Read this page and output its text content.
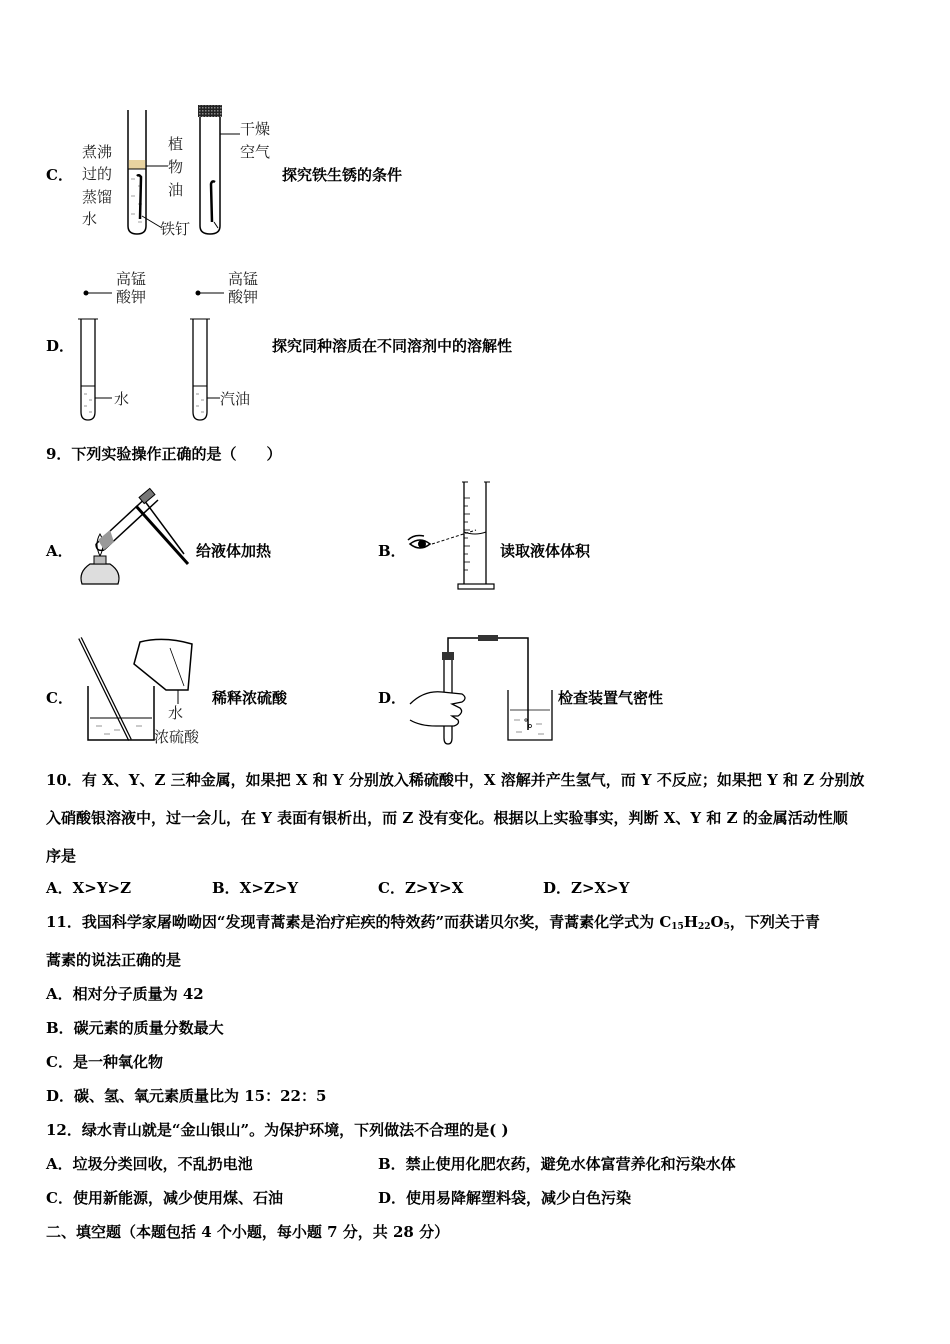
C．
煮沸
过的
蒸馏
水
植
物
油
干燥
空气
铁钉
探究铁生锈的条件
D．
高锰
酸钾
高锰
酸钾
水	汽油
探究同种溶质在不同溶剂中的溶解性
9．下列实验操作正确的是（　　）
A．	给液体加热	B．	读取液体体积
C．
水
浓硫酸
稀释浓硫酸	D．	检查装置气密性
10．有 X、Y、Z 三种金属，如果把 X 和 Y 分别放入稀硫酸中，X 溶解并产生氢气，而 Y 不反应；如果把 Y 和 Z 分别放
入硝酸银溶液中，过一会儿，在 Y 表面有银析出，而 Z 没有变化。根据以上实验事实，判断 X、Y 和 Z 的金属活动性顺
序是
A．X>Y>Z	B．X>Z>Y	C．Z>Y>X	D．Z>X>Y
11．我国科学家屠呦呦因“发现青蒿素是治疗疟疾的特效药”而获诺贝尔奖，青蒿素化学式为 $C_{15}H_{22}O_5$，下列关于青
蒿素的说法正确的是
A．相对分子质量为 42
B．碳元素的质量分数最大
C．是一种氧化物
D．碳、氢、氧元素质量比为 15：22：5
12．绿水青山就是“金山银山”。为保护环境，下列做法不合理的是( )
A．垃圾分类回收，不乱扔电池	B．禁止使用化肥农药，避免水体富营养化和污染水体
C．使用新能源，减少使用煤、石油	D．使用易降解塑料袋，减少白色污染
二、填空题（本题包括 4 个小题，每小题 7 分，共 28 分）
